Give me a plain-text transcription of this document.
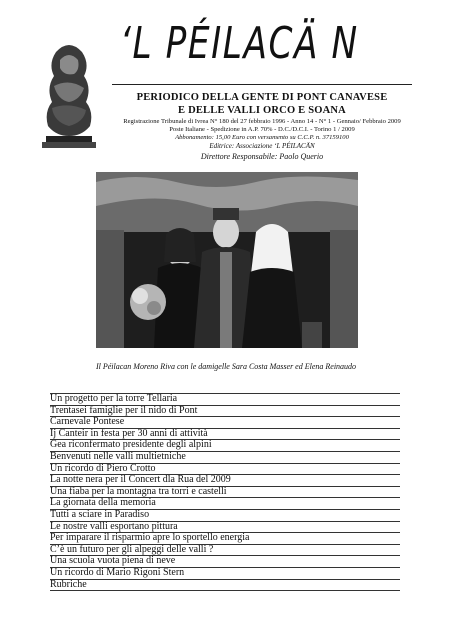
‘L PÉILACÄ N
PERIODICO DELLA GENTE DI PONT CANAVESE
E DELLE VALLI ORCO E SOANA
Registrazione Tribunale di Ivrea N° 180 del 27 febbraio 1996 - Anno 14 - N° 1 - Gennaio/ Febbraio 2009
Poste Italiane - Spedizione in A.P. 70% - D.C./D.C.I. - Torino 1 / 2009
Abbonamento: 15,00 Euro con versamento su C.C.P. n. 37159100
Editrice: Associazione ‘L PÉILACÄN
Direttore Responsabile: Paolo Querio
Il Péilacan Moreno Riva con le damigelle Sara Costa Masser ed Elena Reinaudo
Un progetto per la torre Tellaria
Trentasei famiglie per il nido di Pont
Carnevale Pontese
Ij Canteir in festa per 30 anni di attività
Gea riconfermato presidente degli alpini
Benvenuti nelle valli multietniche
Un ricordo di Piero Crotto
La notte nera per il Concert dla Rua del 2009
Una fiaba per la montagna tra torri e castelli
La giornata della memoria
Tutti a sciare in Paradiso
Le nostre valli esportano pittura
Per imparare il risparmio apre lo sportello energia
C’è un futuro per gli alpeggi delle valli ?
Una scuola vuota piena di neve
Un ricordo di Mario Rigoni Stern
Rubriche
